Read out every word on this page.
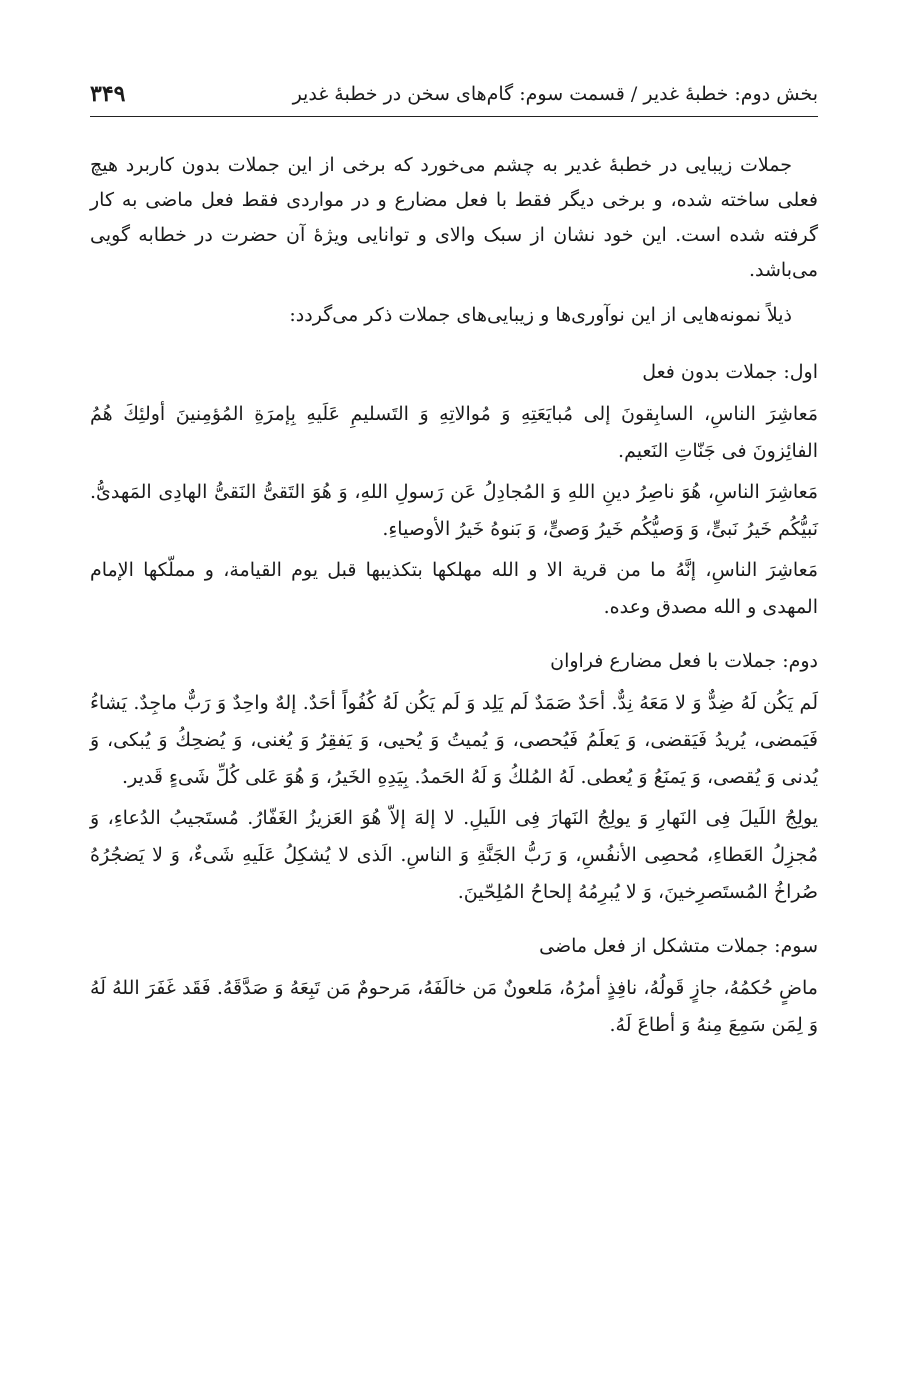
بخش دوم: خطبهٔ غدیر / قسمت سوم: گام‌های سخن در خطبهٔ غدیر
۳۴۹

جملات زیبایی در خطبهٔ غدیر به چشم می‌خورد که برخی از این جملات بدون کاربرد هیچ فعلی ساخته شده، و برخی دیگر فقط با فعل مضارع و در مواردی فقط فعل ماضی به کار گرفته شده است. این خود نشان از سبک والای و توانایی ویژهٔ آن حضرت در خطابه گویی می‌باشد.

ذیلاً نمونه‌هایی از این نوآوری‌ها و زیبایی‌های جملات ذکر می‌گردد:

اول: جملات بدون فعل

مَعاشِرَ الناسِ، السابِقونَ إلى مُبايَعَتِهِ وَ مُوالاتِهِ وَ التَسليمِ عَلَيهِ بِإمرَةِ المُؤمِنينَ أولئِكَ هُمُ الفائِزونَ فى جَنّاتِ النَعيم.

مَعاشِرَ الناسِ، هُوَ ناصِرُ دينِ اللهِ وَ المُجادِلُ عَن رَسولِ اللهِ، وَ هُوَ التَقىُّ النَقىُّ الهادِى المَهدىُّ. نَبيُّكُم خَيرُ نَبىٍّ، وَ وَصيُّكُم خَيرُ وَصىٍّ، وَ بَنوهُ خَيرُ الأوصياءِ.

مَعاشِرَ الناسِ، إنَّهُ ما من قرية الا و الله مهلكها بتكذيبها قبل يوم القيامة، و مملّكها الإمام المهدى و الله مصدق وعده.

دوم: جملات با فعل مضارع فراوان

لَم يَكُن لَهُ ضِدٌّ وَ لا مَعَهُ نِدٌّ. أحَدٌ صَمَدٌ لَم يَلِد وَ لَم يَكُن لَهُ كُفُواً أحَدٌ. إلهٌ واحِدٌ وَ رَبٌّ ماجِدٌ. يَشاءُ فَيَمضى، يُريدُ فَيَقضى، وَ يَعلَمُ فَيُحصى، وَ يُميتُ وَ يُحيى، وَ يَفقِرُ وَ يُغنى، وَ يُضحِكُ وَ يُبكى، وَ يُدنى وَ يُقصى، وَ يَمنَعُ وَ يُعطى. لَهُ المُلكُ وَ لَهُ الحَمدُ. بِيَدِهِ الخَيرُ، وَ هُوَ عَلى كُلِّ شَىءٍ قَدير.

يولِجُ اللَيلَ فِى النَهارِ وَ يولِجُ النَهارَ فِى اللَيلِ. لا إلهَ إلاّ هُوَ العَزيزُ الغَفّارُ. مُستَجيبُ الدُعاءِ، وَ مُجزِلُ العَطاءِ، مُحصِى الأنفُسِ، وَ رَبُّ الجَنَّةِ وَ الناسِ. الَذى لا يُشكِلُ عَلَيهِ شَىءٌ، وَ لا يَضجُرُهُ صُراخُ المُستَصرِخينَ، وَ لا يُبرِمُهُ إلحاحُ المُلِحّينَ.

سوم: جملات متشکل از فعل ماضی

ماضٍ حُكمُهُ، جازٍ قَولُهُ، نافِذٍ أمرُهُ، مَلعونٌ مَن خالَفَهُ، مَرحومٌ مَن تَبِعَهُ وَ صَدَّقَهُ. فَقَد غَفَرَ اللهُ لَهُ وَ لِمَن سَمِعَ مِنهُ وَ أطاعَ لَهُ.
